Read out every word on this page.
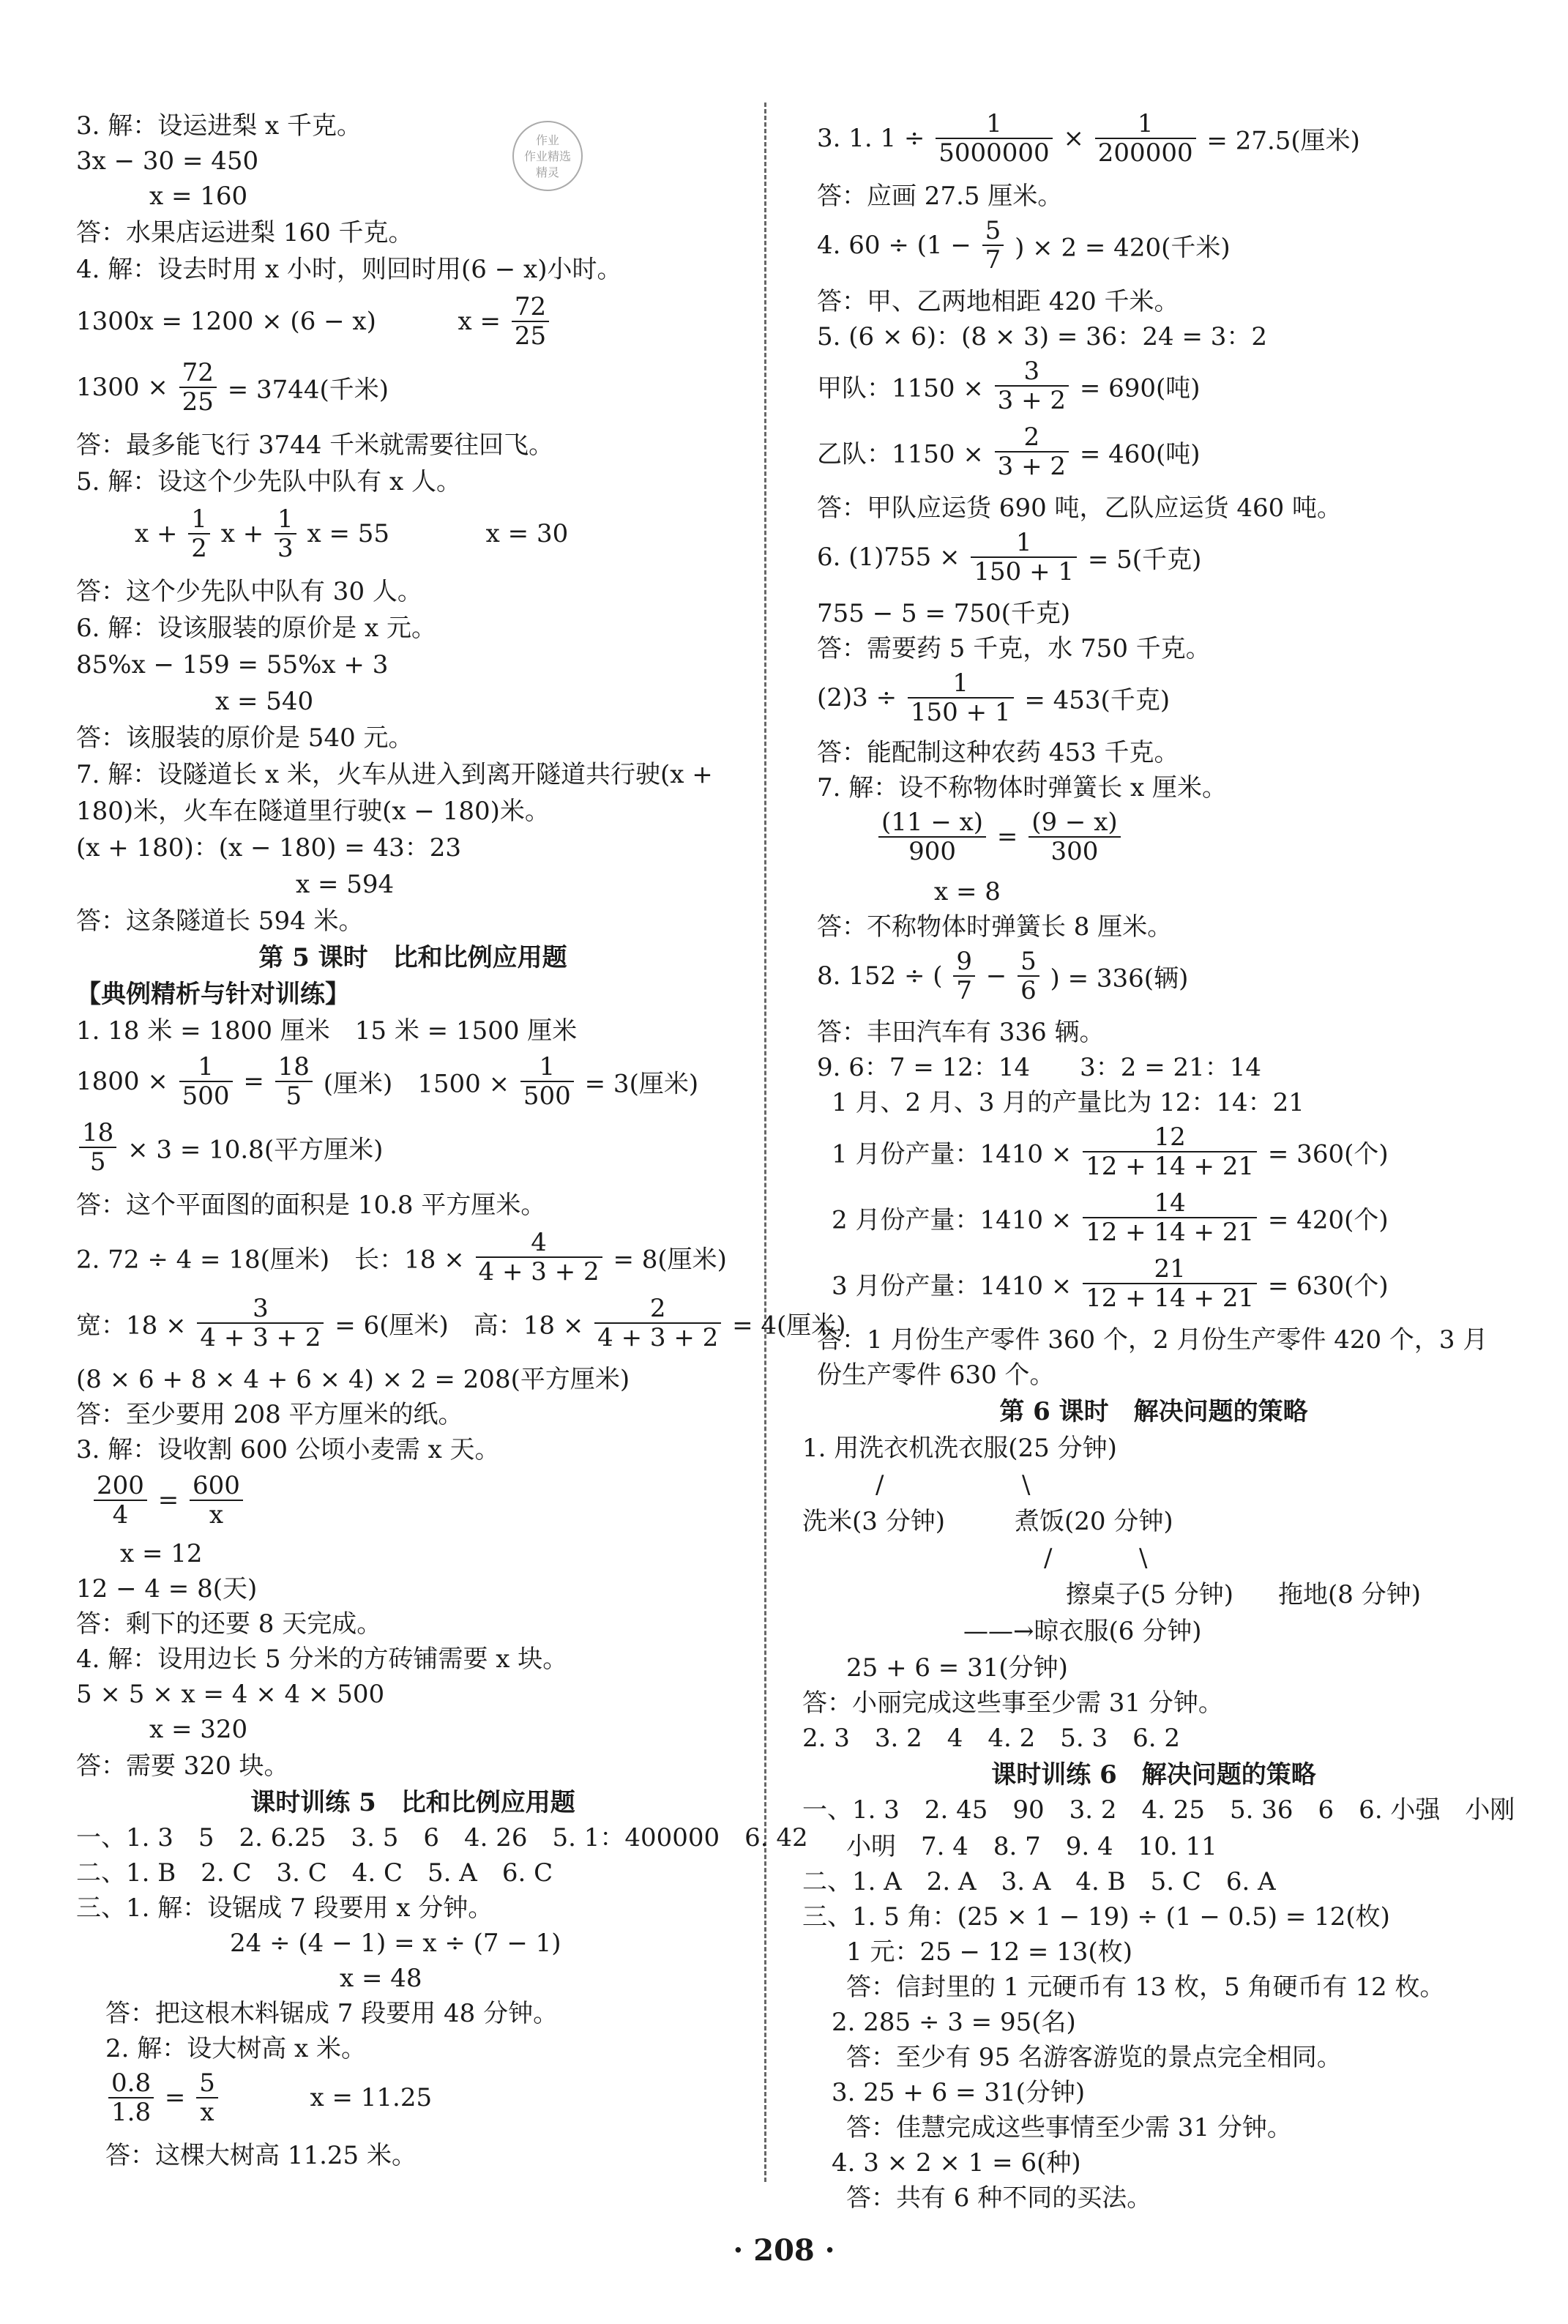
作业
作业精选
精灵
3. 解：设运进梨 x 千克。
3x − 30 = 450
x = 160
答：水果店运进梨 160 千克。
4. 解：设去时用 x 小时，则回时用(6 − x)小时。
1300x = 1200 × (6 − x)	$x = \frac{72}{25}$
$1300 \times \frac{72}{25} = 3744$(千米)
答：最多能飞行 3744 千米就需要往回飞。
5. 解：设这个少先队中队有 x 人。
$x + \frac{1}{2}$ $x + \frac{1}{3}$ x = 55	x = 30
答：这个少先队中队有 30 人。
6. 解：设该服装的原价是 x 元。
85%x − 159 = 55%x + 3
x = 540
答：该服装的原价是 540 元。
7. 解：设隧道长 x 米，火车从进入到离开隧道共行驶(x +
180)米，火车在隧道里行驶(x − 180)米。
(x + 180)：(x − 180) = 43：23
x = 594
答：这条隧道长 594 米。
第 5 课时　比和比例应用题
【典例精析与针对训练】
1. 18 米 = 1800 厘米　15 米 = 1500 厘米
$1800 \times \frac{1}{500} = \frac{18}{5}$ (厘米)　$1500 \times \frac{1}{500} = 3$(厘米)
$\frac{18}{5} \times 3 = 10.8$(平方厘米)
答：这个平面图的面积是 10.8 平方厘米。
2. 72 ÷ 4 = 18(厘米)　长：$18 \times \frac{4}{4 + 3 + 2} = 8$(厘米)
宽：$18 \times \frac{3}{4 + 3 + 2} = 6$(厘米)　高：$18 \times \frac{2}{4 + 3 + 2} = 4$(厘米)
(8 × 6 + 8 × 4 + 6 × 4) × 2 = 208(平方厘米)
答：至少要用 208 平方厘米的纸。
3. 解：设收割 600 公顷小麦需 x 天。
$\frac{200}{4} = \frac{600}{x}$
x = 12
12 − 4 = 8(天)
答：剩下的还要 8 天完成。
4. 解：设用边长 5 分米的方砖铺需要 x 块。
5 × 5 × x = 4 × 4 × 500
x = 320
答：需要 320 块。
课时训练 5　比和比例应用题
一、1. 3　5　2. 6.25　3. 5　6　4. 26　5. 1：400000　6. 42
二、1. B　2. C　3. C　4. C　5. A　6. C
三、1. 解：设锯成 7 段要用 x 分钟。
24 ÷ (4 − 1) = x ÷ (7 − 1)
x = 48
答：把这根木料锯成 7 段要用 48 分钟。
2. 解：设大树高 x 米。
$\frac{0.8}{1.8} = \frac{5}{x}$	x = 11.25
答：这棵大树高 11.25 米。
3. 1. $1 \div \frac{1}{5000000} \times \frac{1}{200000} = 27.5$(厘米)
答：应画 27.5 厘米。
4. $60 \div (1 - \frac{5}{7}$ ) × 2 = 420(千米)
答：甲、乙两地相距 420 千米。
5. (6 × 6)：(8 × 3) = 36：24 = 3：2
甲队：$1150 \times \frac{3}{3 + 2} = 690$(吨)
乙队：$1150 \times \frac{2}{3 + 2} = 460$(吨)
答：甲队应运货 690 吨，乙队应运货 460 吨。
6. $(1)755 \times \frac{1}{150 + 1} = 5$(千克)
755 − 5 = 750(千克)
答：需要药 5 千克，水 750 千克。
$(2)3 \div \frac{1}{150 + 1} = 453$(千克)
答：能配制这种农药 453 千克。
7. 解：设不称物体时弹簧长 x 厘米。
$\frac{(11 - x)}{900} = \frac{(9 - x)}{300}$
x = 8
答：不称物体时弹簧长 8 厘米。
8. 152 ÷ ( $\frac{9}{7} - \frac{5}{6}$ ) = 336(辆)
答：丰田汽车有 336 辆。
9. 6：7 = 12：14　　3：2 = 21：14
1 月、2 月、3 月的产量比为 12：14：21
1 月份产量：$1410 \times \frac{12}{12 + 14 + 21} = 360$(个)
2 月份产量：$1410 \times \frac{14}{12 + 14 + 21} = 420$(个)
3 月份产量：$1410 \times \frac{21}{12 + 14 + 21} = 630$(个)
答：1 月份生产零件 360 个，2 月份生产零件 420 个，3 月
份生产零件 630 个。
第 6 课时　解决问题的策略
1. 用洗衣机洗衣服(25 分钟)
/	\
洗米(3 分钟)	煮饭(20 分钟)
/	\
擦桌子(5 分钟) 拖地(8 分钟)
——→晾衣服(6 分钟)
25 + 6 = 31(分钟)
答：小丽完成这些事至少需 31 分钟。
2. 3　3. 2　4　4. 2　5. 3　6. 2
课时训练 6　解决问题的策略
一、1. 3　2. 45　90　3. 2　4. 25　5. 36　6　6. 小强　小刚
小明　7. 4　8. 7　9. 4　10. 11
二、1. A　2. A　3. A　4. B　5. C　6. A
三、1. 5 角：(25 × 1 − 19) ÷ (1 − 0.5) = 12(枚)
1 元：25 − 12 = 13(枚)
答：信封里的 1 元硬币有 13 枚，5 角硬币有 12 枚。
2. 285 ÷ 3 = 95(名)
答：至少有 95 名游客游览的景点完全相同。
3. 25 + 6 = 31(分钟)
答：佳慧完成这些事情至少需 31 分钟。
4. 3 × 2 × 1 = 6(种)
答：共有 6 种不同的买法。
· 208 ·
